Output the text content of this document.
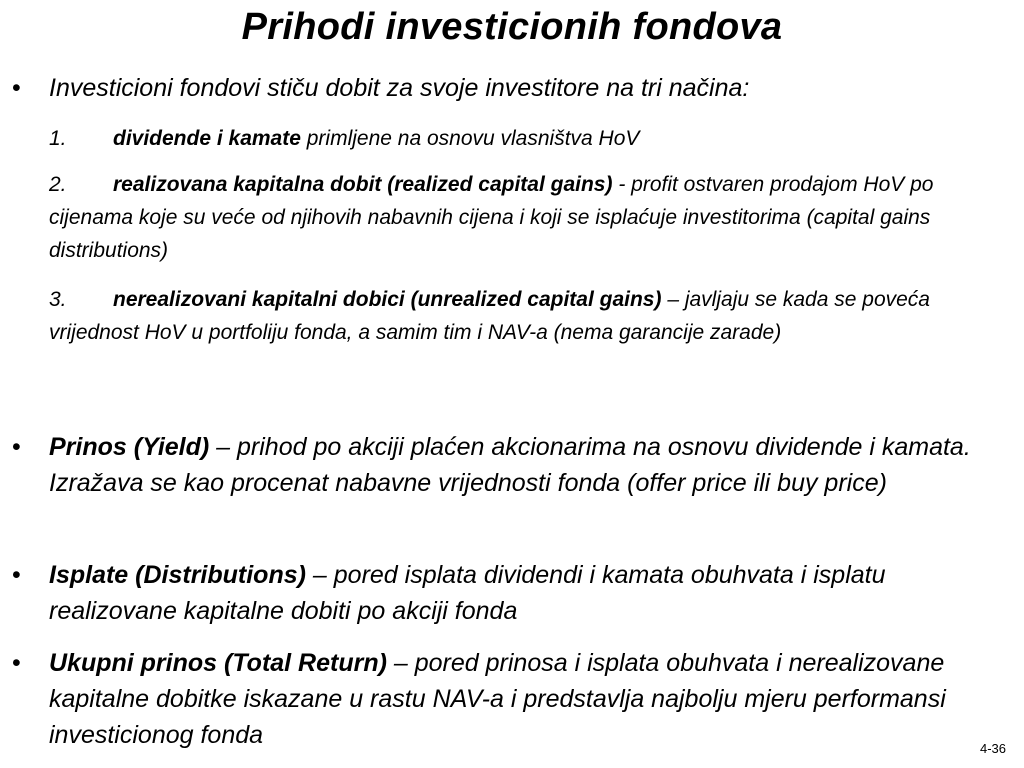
Prihodi investicionih fondova
• Investicioni fondovi stiču dobit za svoje investitore na tri načina:
1. dividende i kamate primljene na osnovu vlasništva HoV
2. realizovana kapitalna dobit (realized capital gains) - profit ostvaren prodajom HoV po cijenama koje su veće od njihovih nabavnih cijena i koji se isplaćuje investitorima (capital gains distributions)
3. nerealizovani kapitalni dobici (unrealized capital gains) – javljaju se kada se poveća vrijednost HoV u portfoliju fonda, a samim tim i NAV-a (nema garancije zarade)
• Prinos (Yield) – prihod po akciji plaćen akcionarima na osnovu dividende i kamata. Izražava se kao procenat nabavne vrijednosti fonda (offer price ili buy price)
• Isplate (Distributions) – pored isplata dividendi i kamata obuhvata i isplatu realizovane kapitalne dobiti po akciji fonda
• Ukupni prinos (Total Return) – pored prinosa i isplata obuhvata i nerealizovane kapitalne dobitke iskazane u rastu NAV-a i predstavlja najbolju mjeru performansi investicionog fonda	4-36
